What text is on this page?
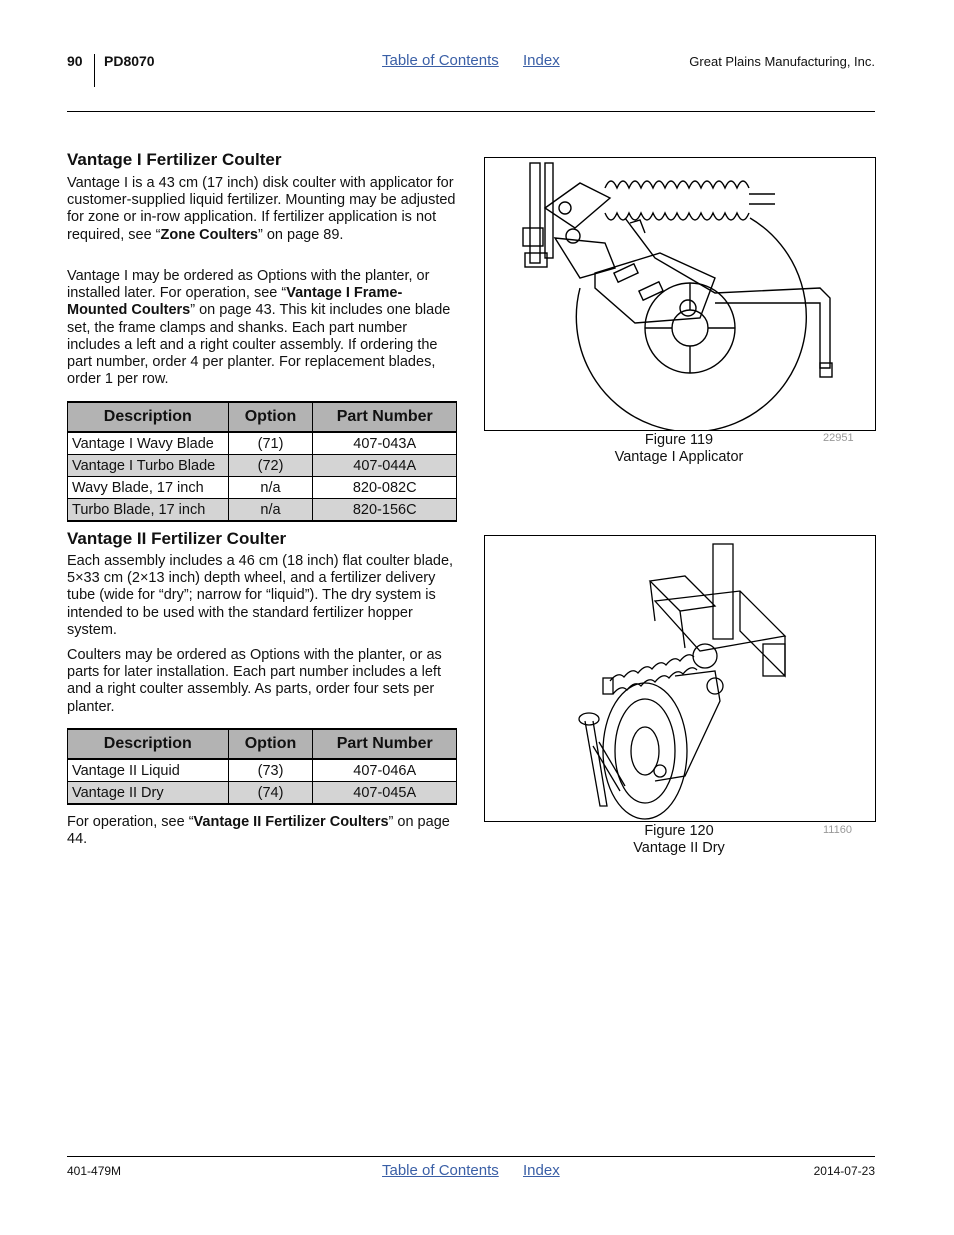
90 PD8070	Table of Contents Index	Great Plains Manufacturing, Inc.
Vantage I Fertilizer Coulter

Vantage I is a 43 cm (17 inch) disk coulter with applicator for customer-supplied liquid fertilizer. Mounting may be adjusted for zone or in-row application. If fertilizer application is not required, see “Zone Coulters” on page 89.

Vantage I may be ordered as Options with the planter, or installed later. For operation, see “Vantage I Frame-Mounted Coulters” on page 43. This kit includes one blade set, the frame clamps and shanks. Each part number includes a left and a right coulter assembly. If ordering the part number, order 4 per planter. For replacement blades, order 1 per row.

Description	Option	Part Number
Vantage I Wavy Blade	(71)	407-043A
Vantage I Turbo Blade	(72)	407-044A
Wavy Blade, 17 inch	n/a	820-082C
Turbo Blade, 17 inch	n/a	820-156C
Vantage II Fertilizer Coulter

Each assembly includes a 46 cm (18 inch) flat coulter blade, 5×33 cm (2×13 inch) depth wheel, and a fertilizer delivery tube (wide for “dry”; narrow for “liquid”). The dry system is intended to be used with the standard fertilizer hopper system.

Coulters may be ordered as Options with the planter, or as parts for later installation. Each part number includes a left and a right coulter assembly. As parts, order four sets per planter.

Description	Option	Part Number
Vantage II Liquid	(73)	407-046A
Vantage II Dry	(74)	407-045A

For operation, see “Vantage II Fertilizer Coulters” on page 44.

Figure 119
Vantage I Applicator
22951
Figure 120
Vantage II Dry
11160
401-479M	Table of Contents Index	2014-07-23
